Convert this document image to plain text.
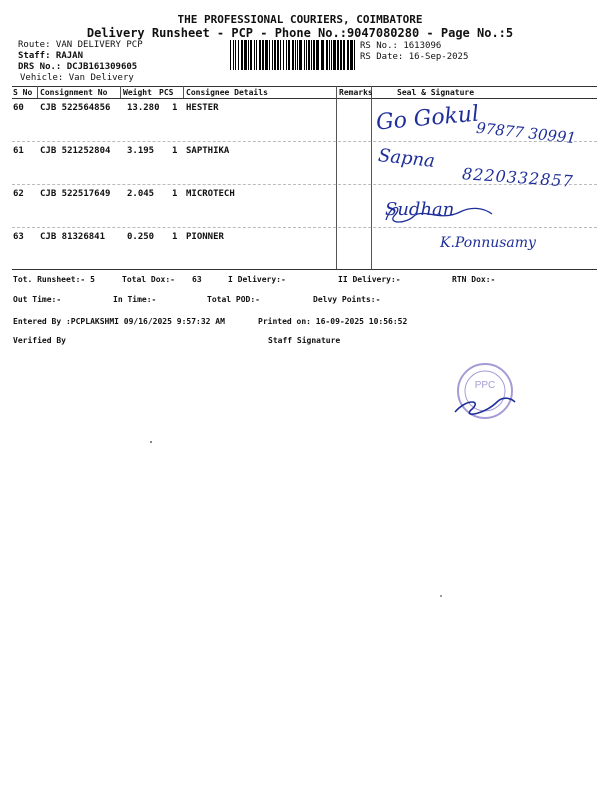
THE PROFESSIONAL COURIERS, COIMBATORE
Delivery Runsheet - PCP - Phone No.:9047080280 - Page No.:5
Route: VAN DELIVERY PCP
Staff: RAJAN
DRS No.: DCJB161309605
Vehicle: Van Delivery
RS No.: 1613096
RS Date: 16-Sep-2025
S No Consignment No Weight PCS Consignee Details	Remarks	Seal & Signature
60 CJB 522564856 13.280 1 HESTER
61 CJB 521252804 3.195 1 SAPTHIKA
62 CJB 522517649 2.045 1 MICROTECH
63 CJB 81326841 0.250 1 PIONNER
Go Gokul
97877 30991
Sapna
8220332857
Sudhan
K.Ponnusamy
Tot. Runsheet:- 5	Total Dox:- 63	I Delivery:-	II Delivery:-	RTN Dox:-
Out Time:-	In Time:-	Total POD:-	Delvy Points:-
Entered By :PCPLAKSHMI 09/16/2025 9:57:32 AM	Printed on: 16-09-2025 10:56:52
Verified By	Staff Signature
PPC
